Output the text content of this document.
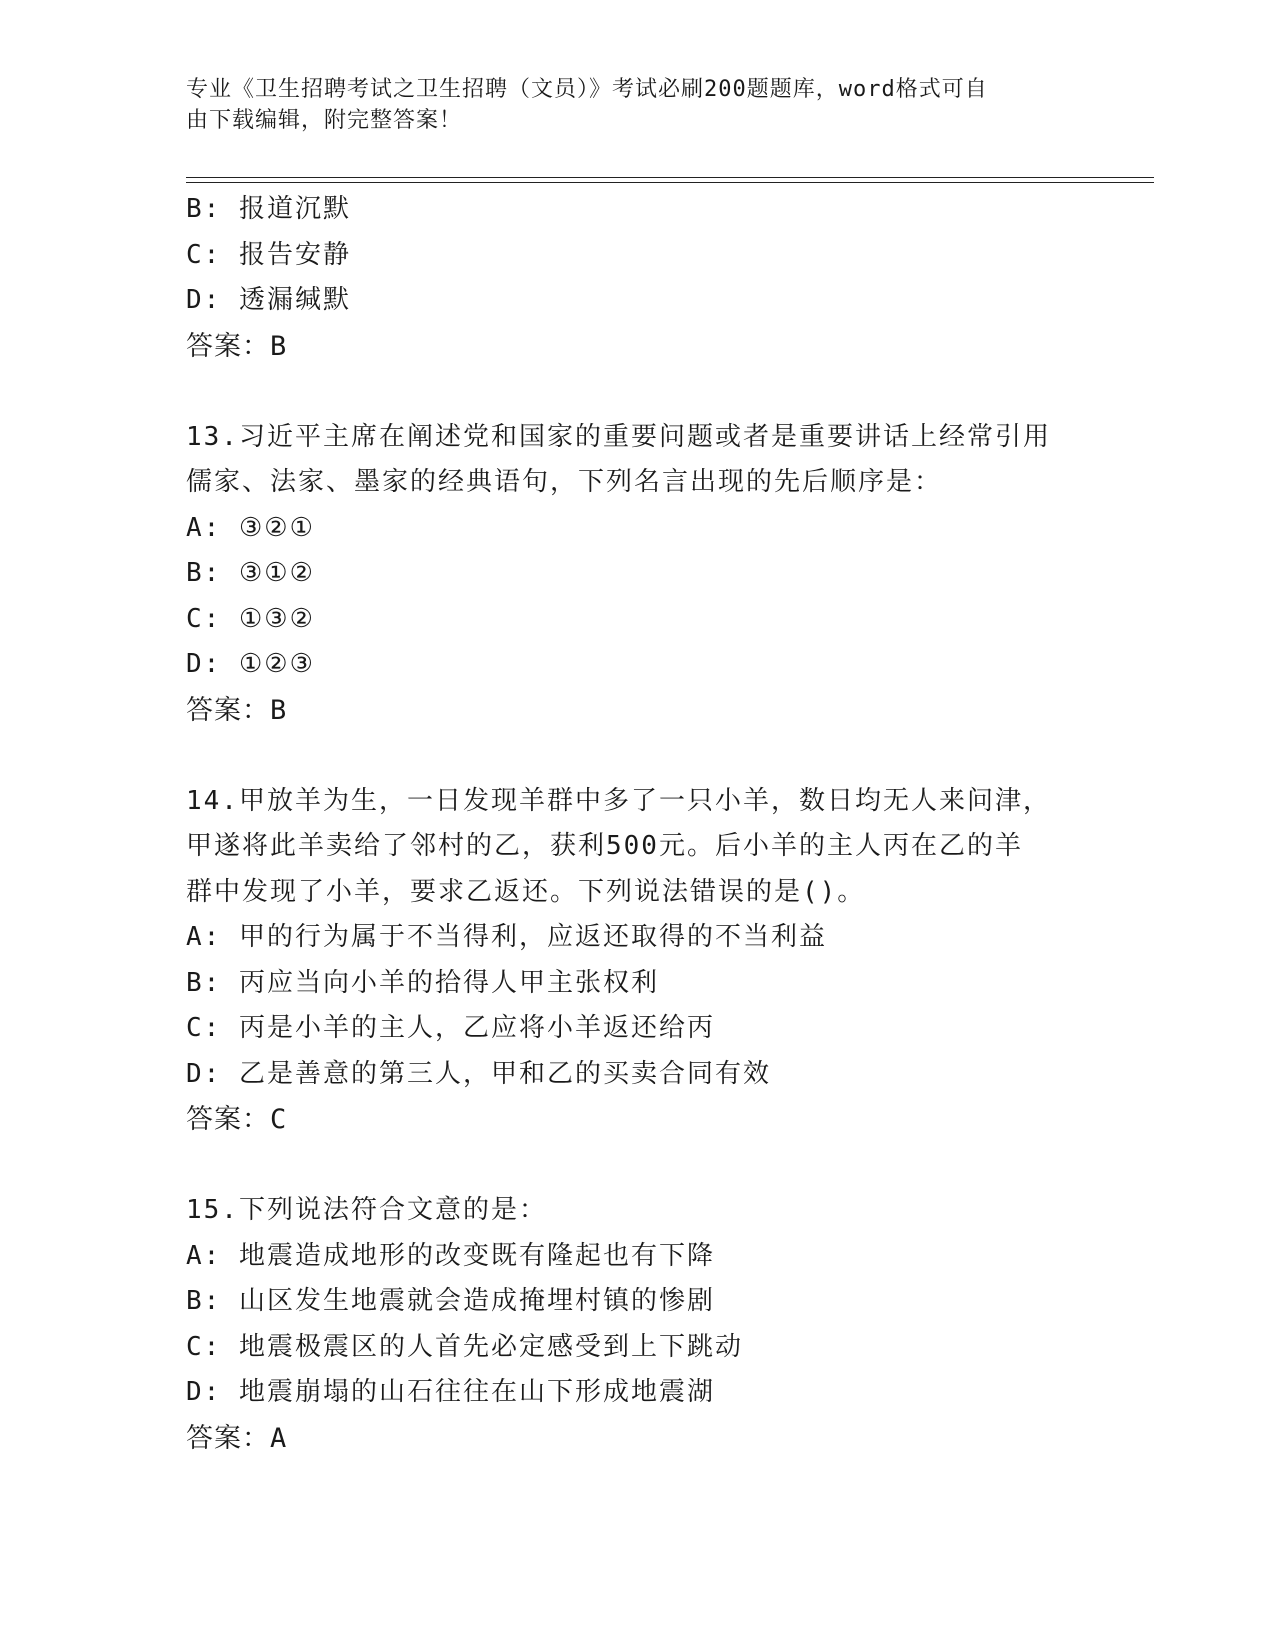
专业《卫生招聘考试之卫生招聘（文员）》考试必刷200题题库，word格式可自
由下载编辑，附完整答案！
B: 报道沉默
C: 报告安静
D: 透漏缄默
答案：B
13.习近平主席在阐述党和国家的重要问题或者是重要讲话上经常引用
儒家、法家、墨家的经典语句，下列名言出现的先后顺序是：
A: ③②①
B: ③①②
C: ①③②
D: ①②③
答案：B
14.甲放羊为生，一日发现羊群中多了一只小羊，数日均无人来问津，
甲遂将此羊卖给了邻村的乙，获利500元。后小羊的主人丙在乙的羊
群中发现了小羊，要求乙返还。下列说法错误的是()。
A: 甲的行为属于不当得利，应返还取得的不当利益
B: 丙应当向小羊的拾得人甲主张权利
C: 丙是小羊的主人，乙应将小羊返还给丙
D: 乙是善意的第三人，甲和乙的买卖合同有效
答案：C
15.下列说法符合文意的是：
A: 地震造成地形的改变既有隆起也有下降
B: 山区发生地震就会造成掩埋村镇的惨剧
C: 地震极震区的人首先必定感受到上下跳动
D: 地震崩塌的山石往往在山下形成地震湖
答案：A
